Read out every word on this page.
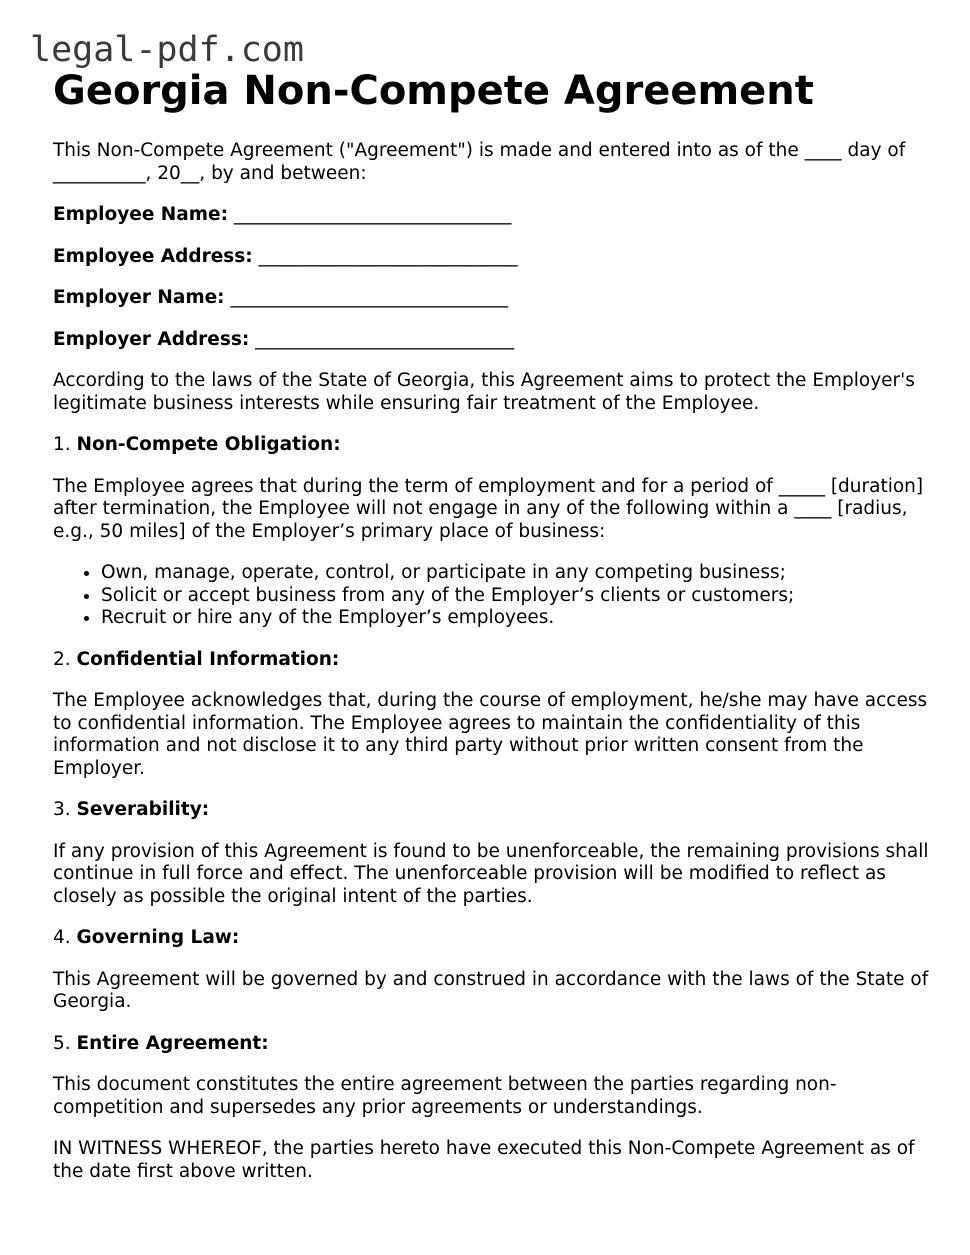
legal-pdf.com
Georgia Non-Compete Agreement

This Non-Compete Agreement ("Agreement") is made and entered into as of the ____ day of __________, 20__, by and between:

Employee Name: ______________________________

Employee Address: ____________________________

Employer Name: ______________________________

Employer Address: ____________________________

According to the laws of the State of Georgia, this Agreement aims to protect the Employer's legitimate business interests while ensuring fair treatment of the Employee.

1. Non-Compete Obligation:

The Employee agrees that during the term of employment and for a period of _____ [duration] after termination, the Employee will not engage in any of the following within a ____ [radius, e.g., 50 miles] of the Employer’s primary place of business:

• Own, manage, operate, control, or participate in any competing business;
• Solicit or accept business from any of the Employer’s clients or customers;
• Recruit or hire any of the Employer’s employees.

2. Confidential Information:

The Employee acknowledges that, during the course of employment, he/she may have access to confidential information. The Employee agrees to maintain the confidentiality of this information and not disclose it to any third party without prior written consent from the Employer.

3. Severability:

If any provision of this Agreement is found to be unenforceable, the remaining provisions shall continue in full force and effect. The unenforceable provision will be modified to reflect as closely as possible the original intent of the parties.

4. Governing Law:

This Agreement will be governed by and construed in accordance with the laws of the State of Georgia.

5. Entire Agreement:

This document constitutes the entire agreement between the parties regarding non-competition and supersedes any prior agreements or understandings.

IN WITNESS WHEREOF, the parties hereto have executed this Non-Compete Agreement as of the date first above written.
